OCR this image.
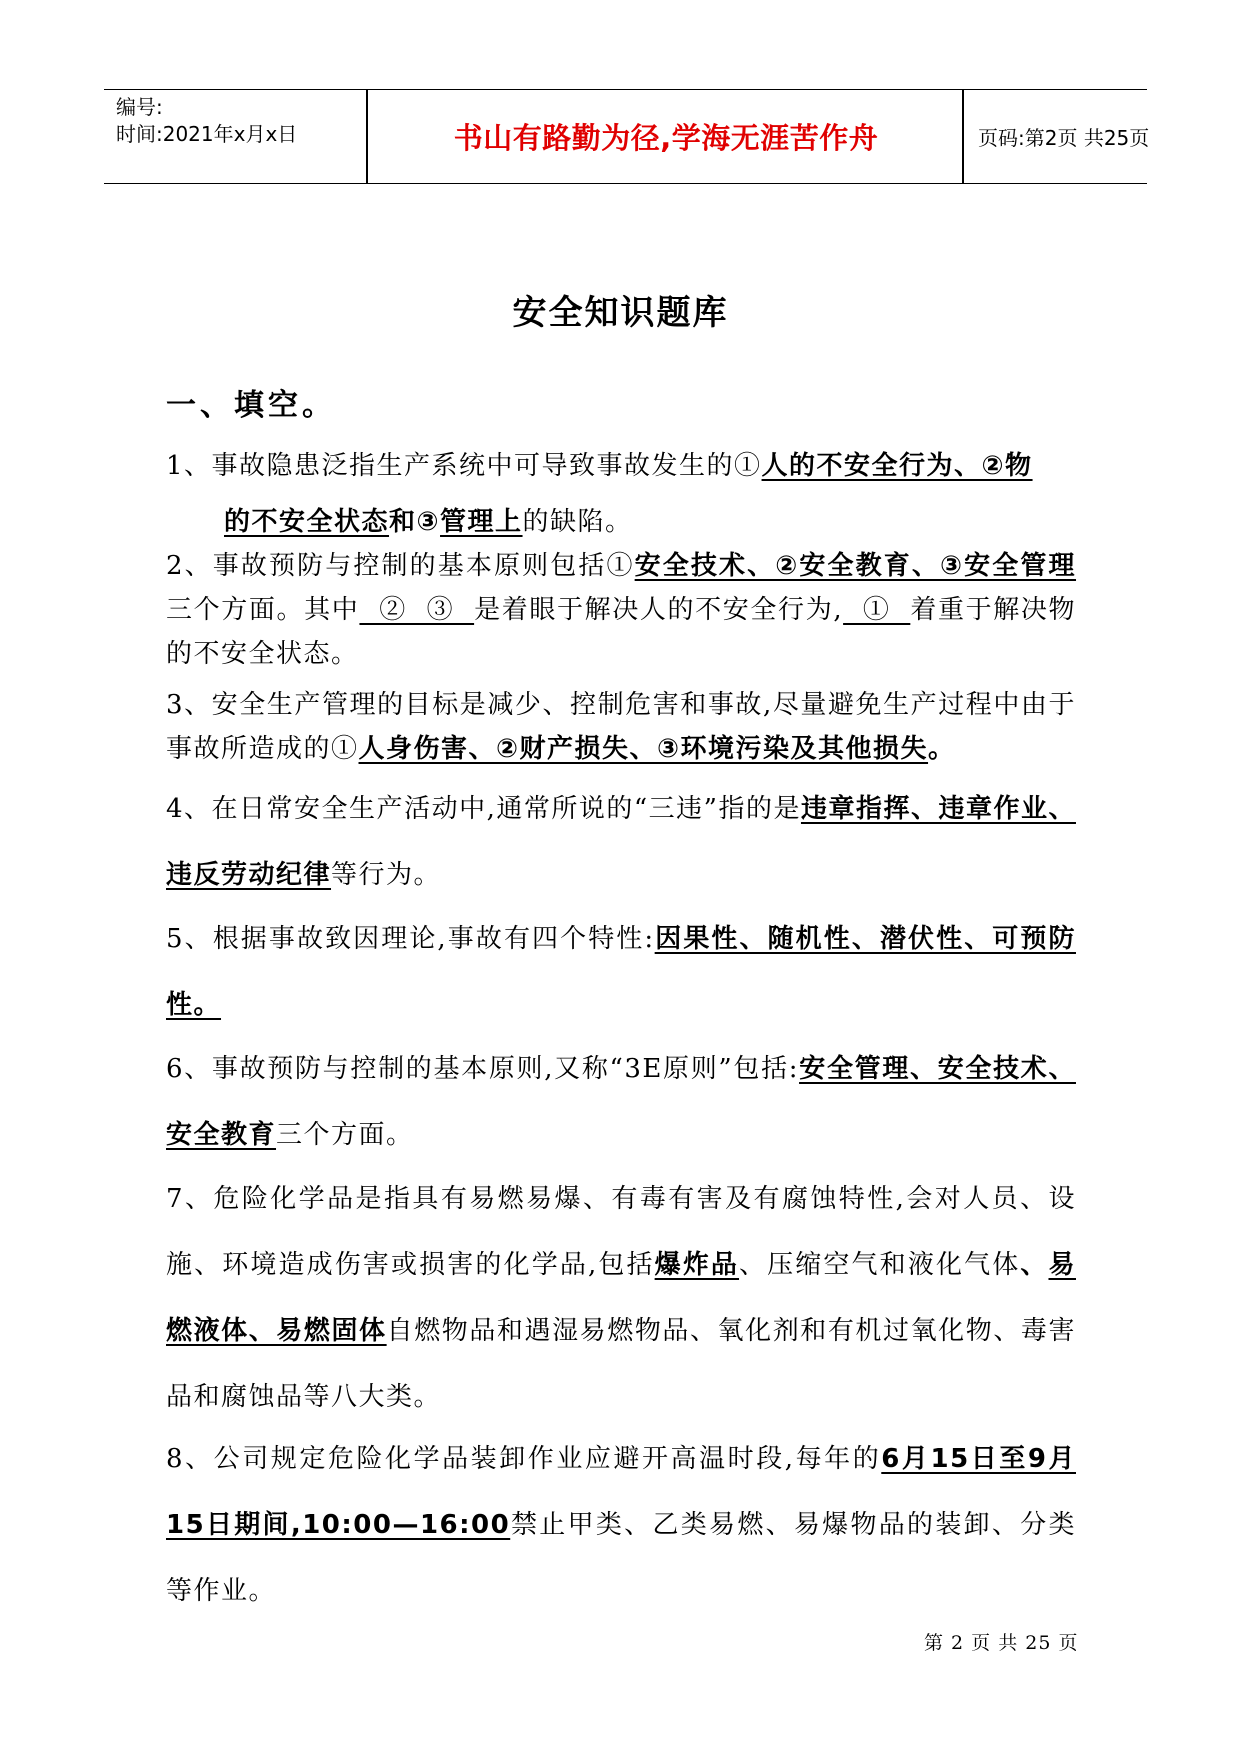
编号:
时间:2021年x月x日	书山有路勤为径,学海无涯苦作舟	页码:第2页 共25页
安全知识题库
一、填空。
1、事故隐患泛指生产系统中可导致事故发生的①人的不安全行为、②物
的不安全状态和③管理上的缺陷。
2、事故预防与控制的基本原则包括①安全技术、②安全教育、③安全管理三个方面。其中  ②  ③  是着眼于解决人的不安全行为,  ①  着重于解决物的不安全状态。
3、安全生产管理的目标是减少、控制危害和事故,尽量避免生产过程中由于事故所造成的①人身伤害、②财产损失、③环境污染及其他损失。
4、在日常安全生产活动中,通常所说的“三违”指的是违章指挥、违章作业、违反劳动纪律等行为。
5、根据事故致因理论,事故有四个特性:因果性、随机性、潜伏性、可预防性。
6、事故预防与控制的基本原则,又称“3E原则”包括:安全管理、安全技术、安全教育三个方面。
7、危险化学品是指具有易燃易爆、有毒有害及有腐蚀特性,会对人员、设施、环境造成伤害或损害的化学品,包括爆炸品、压缩空气和液化气体、易燃液体、易燃固体自燃物品和遇湿易燃物品、氧化剂和有机过氧化物、毒害品和腐蚀品等八大类。
8、公司规定危险化学品装卸作业应避开高温时段,每年的6月15日至9月15日期间,10:00—16:00禁止甲类、乙类易燃、易爆物品的装卸、分类等作业。
第 2 页 共 25 页
